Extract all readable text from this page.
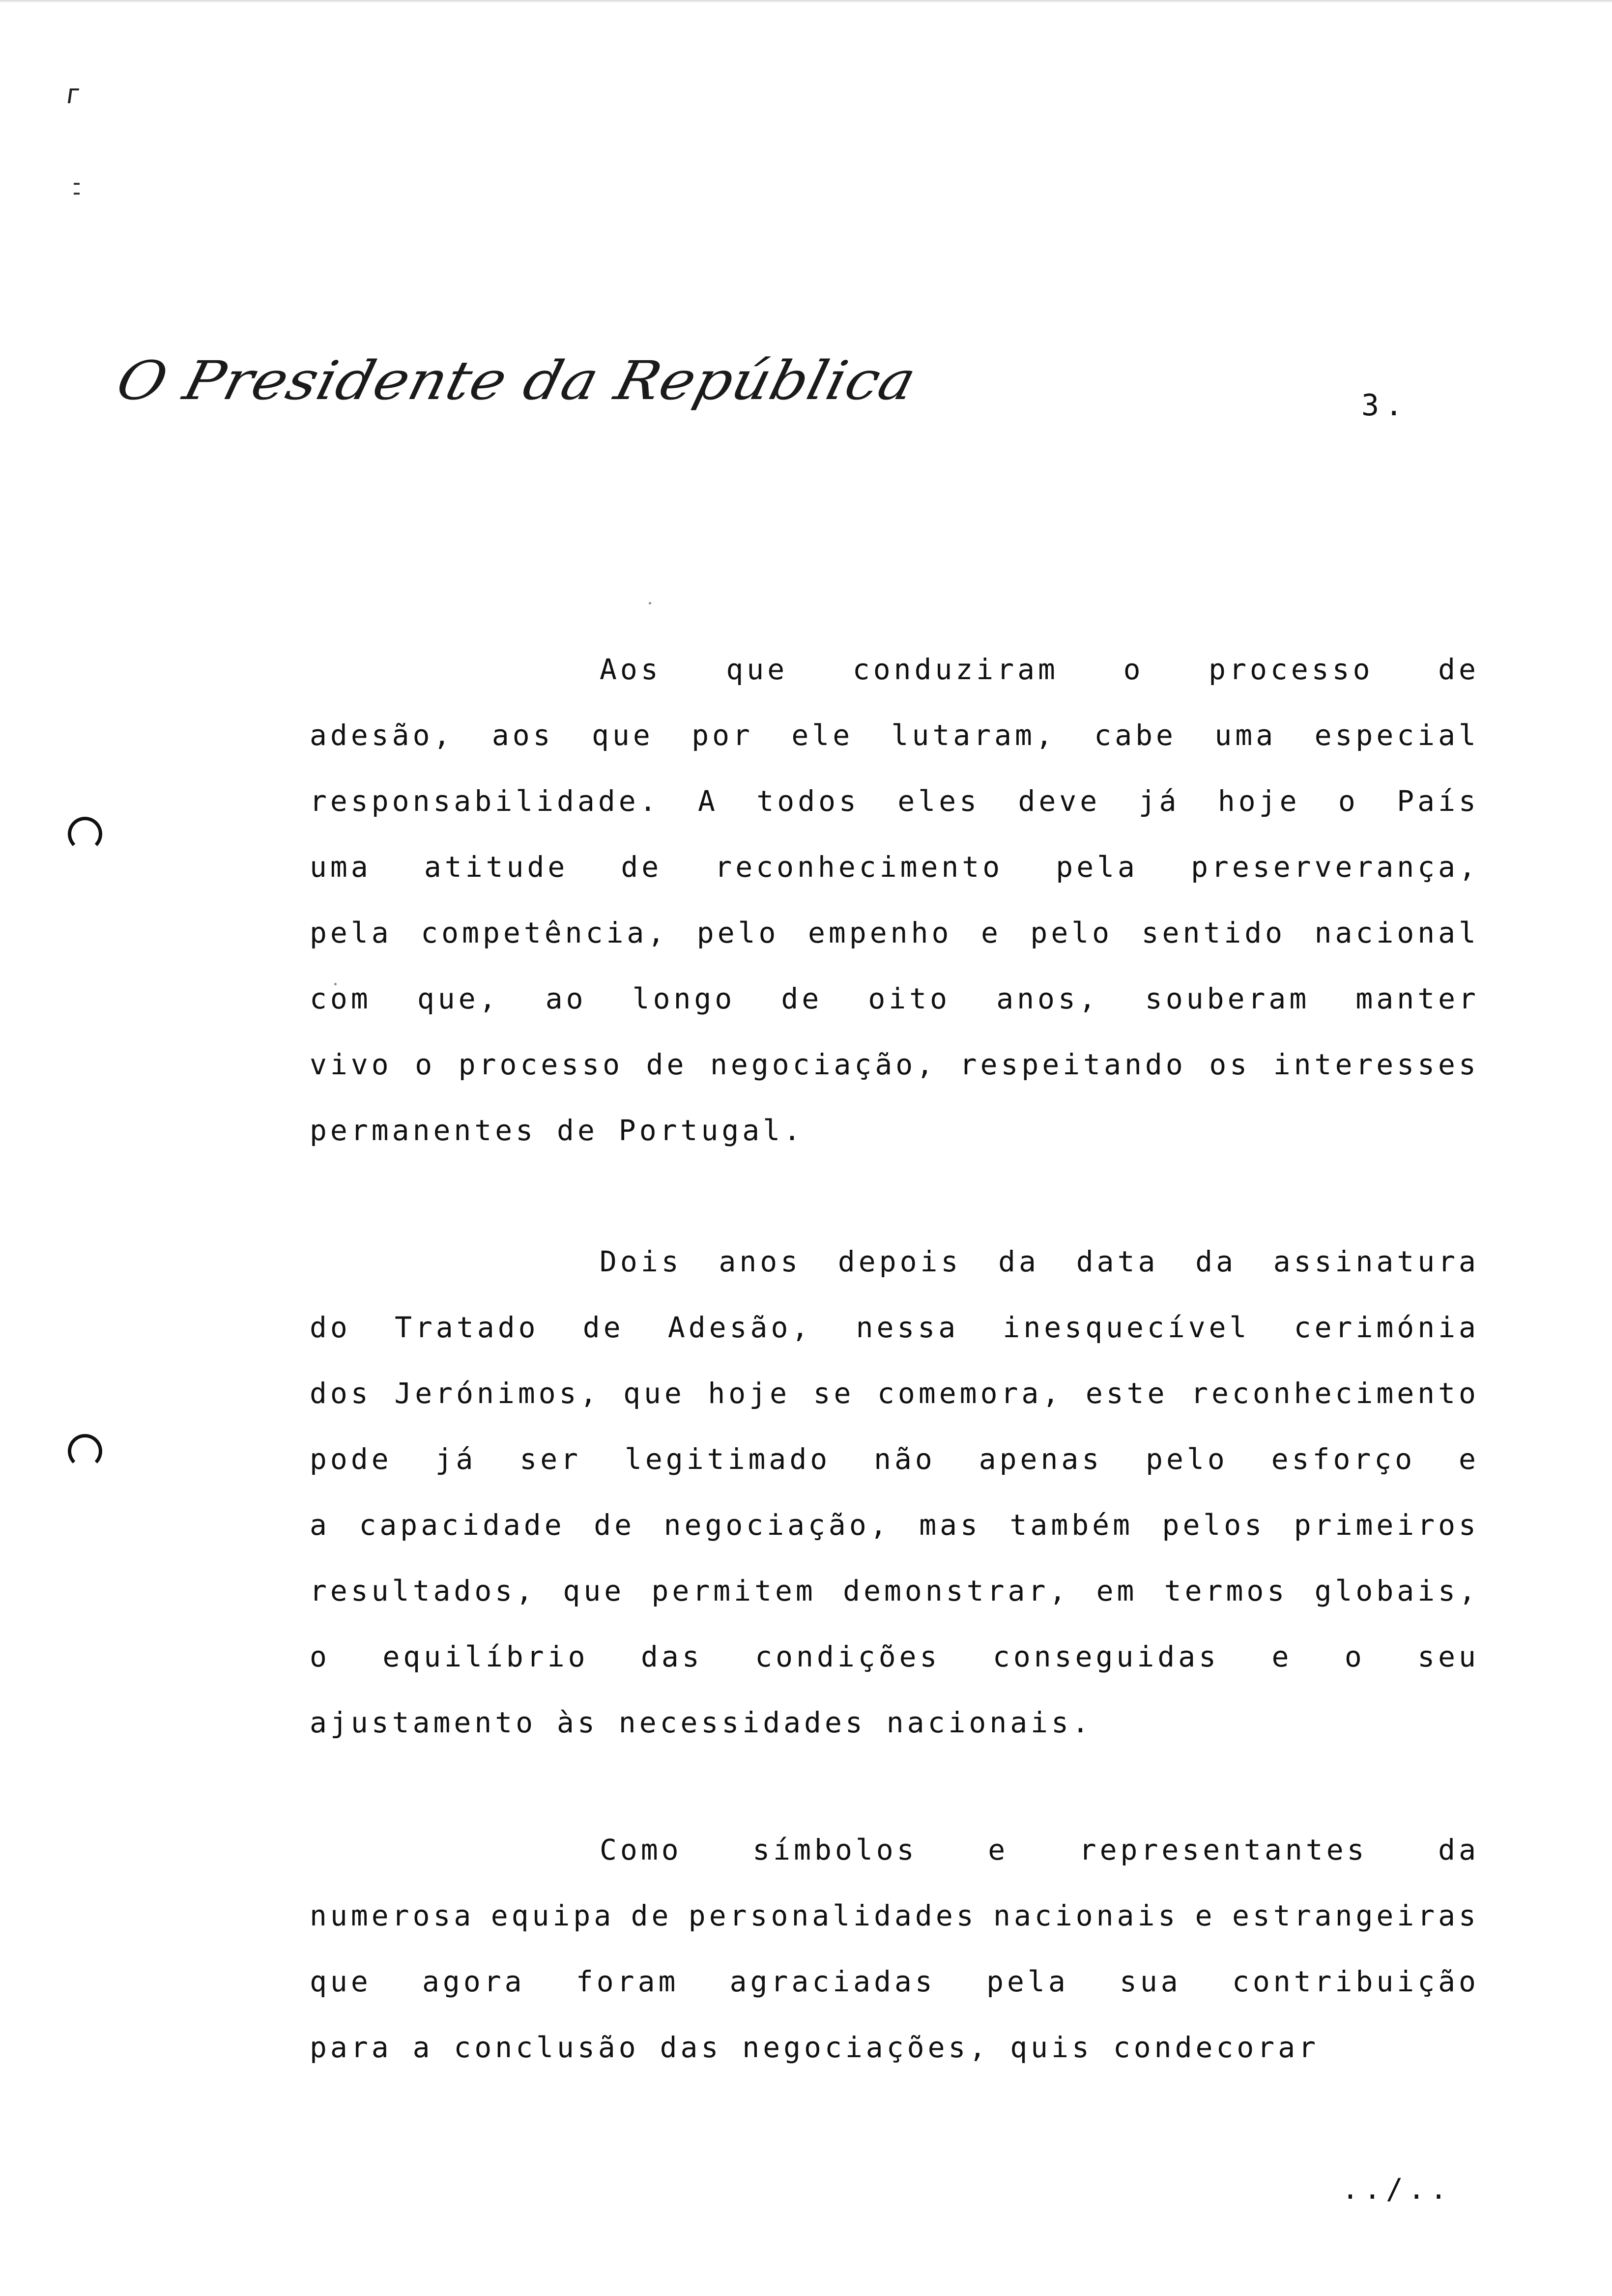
O Presidente da República	3.
Aos que conduziram o processo de
adesão, aos que por ele lutaram, cabe uma especial
responsabilidade. A todos eles deve já hoje o País
uma atitude de reconhecimento pela preserverança,
pela competência, pelo empenho e pelo sentido nacional
com que, ao longo de oito anos, souberam manter
vivo o processo de negociação, respeitando os interesses
permanentes de Portugal.
Dois anos depois da data da assinatura
do Tratado de Adesão, nessa inesquecível cerimónia
dos Jerónimos, que hoje se comemora, este reconhecimento
pode já ser legitimado não apenas pelo esforço e
a capacidade de negociação, mas também pelos primeiros
resultados, que permitem demonstrar, em termos globais,
o equilíbrio das condições conseguidas e o seu
ajustamento às necessidades nacionais.
Como símbolos e representantes da
numerosa equipa de personalidades nacionais e estrangeiras
que agora foram agraciadas pela sua contribuição
para a conclusão das negociações, quis condecorar
../..
